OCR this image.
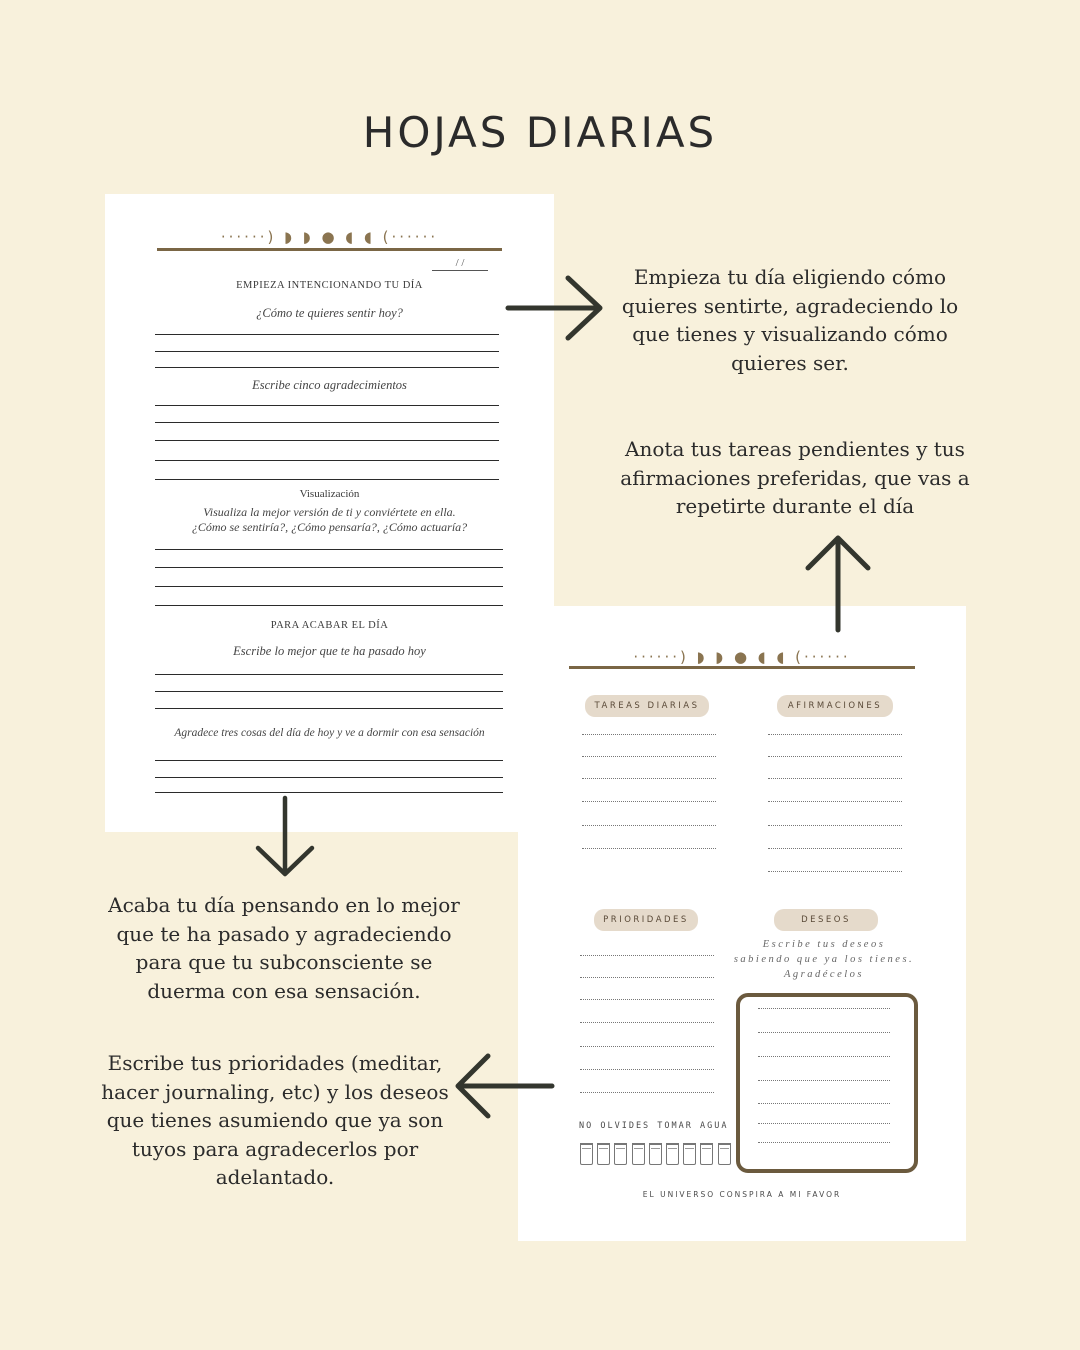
HOJAS DIARIAS
······) ◗ ◗ ● ◖ ◖ (······
/ /
EMPIEZA INTENCIONANDO TU DÍA
¿Cómo te quieres sentir hoy?
Escribe cinco agradecimientos
Visualización
Visualiza la mejor versión de ti y conviértete en ella.
¿Cómo se sentiría?, ¿Cómo pensaría?, ¿Cómo actuaría?
PARA ACABAR EL DÍA
Escribe lo mejor que te ha pasado hoy
Agradece tres cosas del día de hoy y ve a dormir con esa sensación
······) ◗ ◗ ● ◖ ◖ (······
TAREAS DIARIAS	AFIRMACIONES
PRIORIDADES	DESEOS
Escribe tus deseos sabiendo que ya los tienes. Agradécelos
NO OLVIDES TOMAR AGUA
EL UNIVERSO CONSPIRA A MI FAVOR
Empieza tu día eligiendo cómo quieres sentirte, agradeciendo lo que tienes y visualizando cómo quieres ser.
Anota tus tareas pendientes y tus afirmaciones preferidas, que vas a repetirte durante el día
Acaba tu día pensando en lo mejor que te ha pasado y agradeciendo para que tu subconsciente se duerma con esa sensación.
Escribe tus prioridades (meditar, hacer journaling, etc) y los deseos que tienes asumiendo que ya son tuyos para agradecerlos por adelantado.
